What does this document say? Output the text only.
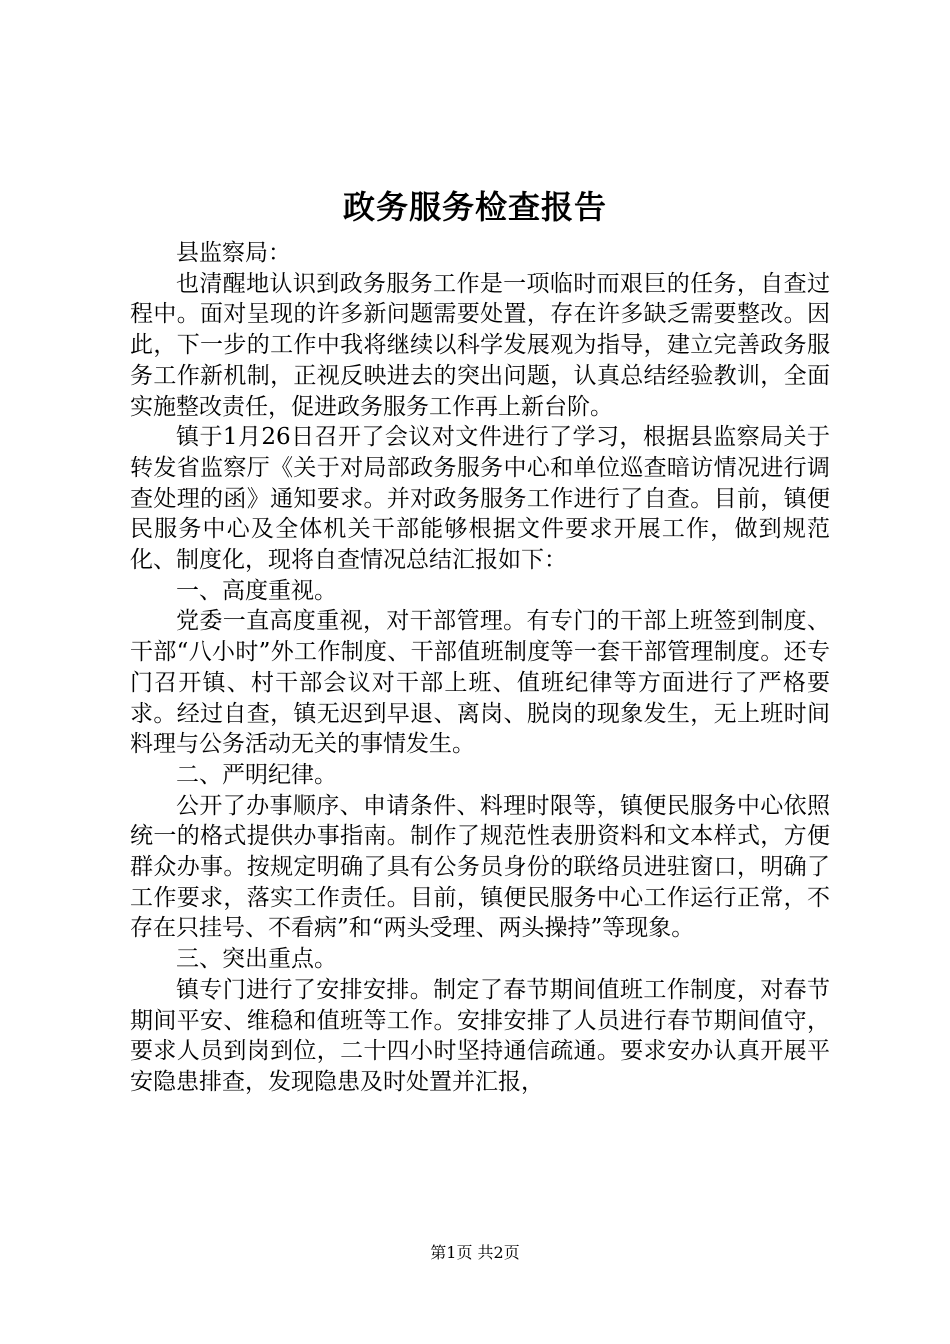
政务服务检查报告

县监察局：

也清醒地认识到政务服务工作是一项临时而艰巨的任务，自查过程中。面对呈现的许多新问题需要处置，存在许多缺乏需要整改。因此，下一步的工作中我将继续以科学发展观为指导，建立完善政务服务工作新机制，正视反映进去的突出问题，认真总结经验教训，全面实施整改责任，促进政务服务工作再上新台阶。

镇于1月26日召开了会议对文件进行了学习，根据县监察局关于转发省监察厅《关于对局部政务服务中心和单位巡查暗访情况进行调查处理的函》通知要求。并对政务服务工作进行了自查。目前，镇便民服务中心及全体机关干部能够根据文件要求开展工作，做到规范化、制度化，现将自查情况总结汇报如下：

一、高度重视。

党委一直高度重视，对干部管理。有专门的干部上班签到制度、干部“八小时”外工作制度、干部值班制度等一套干部管理制度。还专门召开镇、村干部会议对干部上班、值班纪律等方面进行了严格要求。经过自查，镇无迟到早退、离岗、脱岗的现象发生，无上班时间料理与公务活动无关的事情发生。

二、严明纪律。

公开了办事顺序、申请条件、料理时限等，镇便民服务中心依照统一的格式提供办事指南。制作了规范性表册资料和文本样式，方便群众办事。按规定明确了具有公务员身份的联络员进驻窗口，明确了工作要求，落实工作责任。目前，镇便民服务中心工作运行正常，不存在只挂号、不看病”和“两头受理、两头操持”等现象。

三、突出重点。

镇专门进行了安排安排。制定了春节期间值班工作制度，对春节期间平安、维稳和值班等工作。安排安排了人员进行春节期间值守，要求人员到岗到位，二十四小时坚持通信疏通。要求安办认真开展平安隐患排查，发现隐患及时处置并汇报，

第1页 共2页
